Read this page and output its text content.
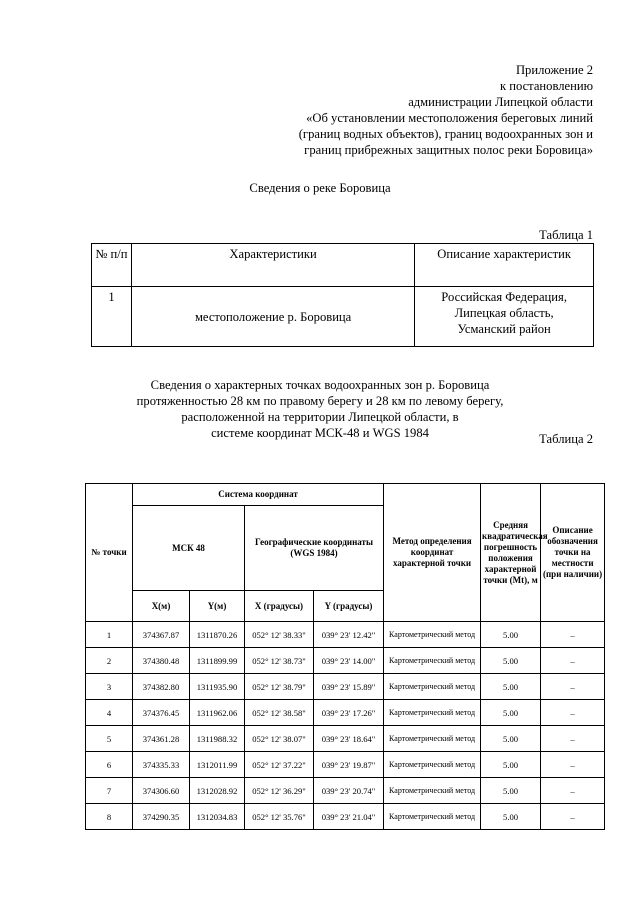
Приложение 2
к постановлению
администрации Липецкой области
«Об установлении местоположения береговых линий
(границ водных объектов), границ водоохранных зон и
границ прибрежных защитных полос реки Боровица»
Сведения о реке Боровица
Таблица 1
№ п/п	Характеристики	Описание характеристик
1	местоположение р. Боровица	Российская Федерация,
Липецкая область,
Усманский район
Сведения о характерных точках водоохранных зон р. Боровица
протяженностью 28 км по правому берегу и 28 км по левому берегу,
расположенной на территории Липецкой области, в
системе координат МСК-48 и WGS 1984	Таблица 2
№ точки	Система координат				Метод определения координат характерной точки	Средняя квадратическая погрешность положения характерной точки (Mt), м	Описание обозначения точки на местности (при наличии)
	МСК 48		Географические координаты (WGS 1984)				
	X(м)	Y(м)	X (градусы)	Y (градусы)			
1	374367.87	1311870.26	052° 12' 38.33"	039° 23' 12.42"	Картометрический метод	5.00	–
2	374380.48	1311899.99	052° 12' 38.73"	039° 23' 14.00"	Картометрический метод	5.00	–
3	374382.80	1311935.90	052° 12' 38.79"	039° 23' 15.89"	Картометрический метод	5.00	–
4	374376.45	1311962.06	052° 12' 38.58"	039° 23' 17.26"	Картометрический метод	5.00	–
5	374361.28	1311988.32	052° 12' 38.07"	039° 23' 18.64"	Картометрический метод	5.00	–
6	374335.33	1312011.99	052° 12' 37.22"	039° 23' 19.87"	Картометрический метод	5.00	–
7	374306.60	1312028.92	052° 12' 36.29"	039° 23' 20.74"	Картометрический метод	5.00	–
8	374290.35	1312034.83	052° 12' 35.76"	039° 23' 21.04"	Картометрический метод	5.00	–
